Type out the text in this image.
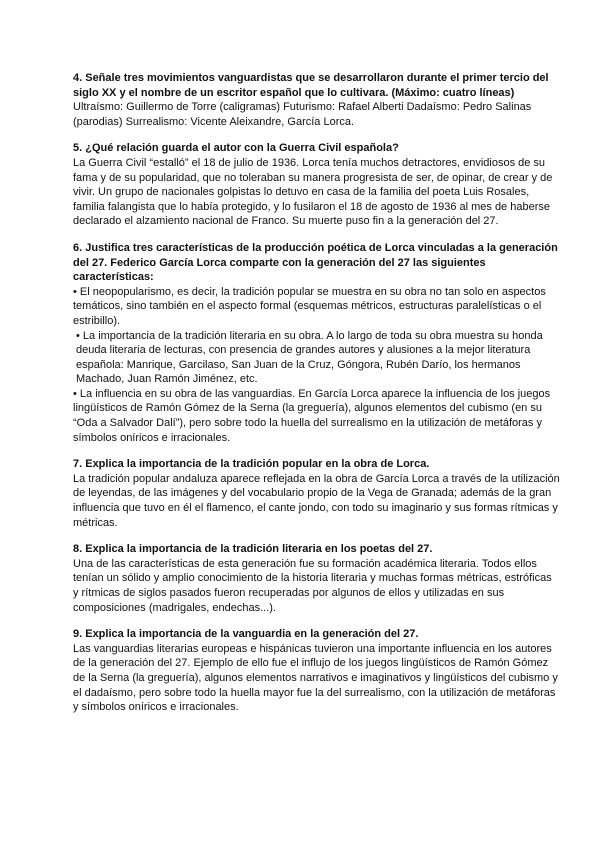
4. Señale tres movimientos vanguardistas que se desarrollaron durante el primer tercio del siglo XX y el nombre de un escritor español que lo cultivara. (Máximo: cuatro líneas)

Ultraísmo: Guillermo de Torre (caligramas) Futurismo: Rafael Alberti Dadaísmo: Pedro Salinas (parodias) Surrealismo: Vicente Aleixandre, García Lorca.

5. ¿Qué relación guarda el autor con la Guerra Civil española?

La Guerra Civil “estalló” el 18 de julio de 1936. Lorca tenía muchos detractores, envidiosos de su fama y de su popularidad, que no toleraban su manera progresista de ser, de opinar, de crear y de vivir. Un grupo de nacionales golpistas lo detuvo en casa de la familia del poeta Luis Rosales, familia falangista que lo había protegido, y lo fusilaron el 18 de agosto de 1936 al mes de haberse declarado el alzamiento nacional de Franco. Su muerte puso fin a la generación del 27.

6. Justifica tres características de la producción poética de Lorca vinculadas a la generación del 27. Federico García Lorca comparte con la generación del 27 las siguientes características:

• El neopopularismo, es decir, la tradición popular se muestra en su obra no tan solo en aspectos temáticos, sino también en el aspecto formal (esquemas métricos, estructuras paralelísticas o el estribillo).

• La importancia de la tradición literaria en su obra. A lo largo de toda su obra muestra su honda deuda literaria de lecturas, con presencia de grandes autores y alusiones a la mejor literatura española: Manrique, Garcilaso, San Juan de la Cruz, Góngora, Rubén Darío, los hermanos Machado, Juan Ramón Jiménez, etc.

• La influencia en su obra de las vanguardias. En García Lorca aparece la influencia de los juegos lingüísticos de Ramón Gómez de la Serna (la greguería), algunos elementos del cubismo (en su “Oda a Salvador Dalí”), pero sobre todo la huella del surrealismo en la utilización de metáforas y símbolos oníricos e irracionales.

7. Explica la importancia de la tradición popular en la obra de Lorca.

La tradición popular andaluza aparece reflejada en la obra de García Lorca a través de la utilización de leyendas, de las imágenes y del vocabulario propio de la Vega de Granada; además de la gran influencia que tuvo en él el flamenco, el cante jondo, con todo su imaginario y sus formas rítmicas y métricas.

8. Explica la importancia de la tradición literaria en los poetas del 27.

Una de las características de esta generación fue su formación académica literaria. Todos ellos tenían un sólido y amplio conocimiento de la historia literaria y muchas formas métricas, estróficas y rítmicas de siglos pasados fueron recuperadas por algunos de ellos y utilizadas en sus composiciones (madrigales, endechas...).

9. Explica la importancia de la vanguardia en la generación del 27.

Las vanguardias literarias europeas e hispánicas tuvieron una importante influencia en los autores de la generación del 27. Ejemplo de ello fue el influjo de los juegos lingüísticos de Ramón Gómez de la Serna (la greguería), algunos elementos narrativos e imaginativos y lingüísticos del cubismo y el dadaísmo, pero sobre todo la huella mayor fue la del surrealismo, con la utilización de metáforas y símbolos oníricos e irracionales.
